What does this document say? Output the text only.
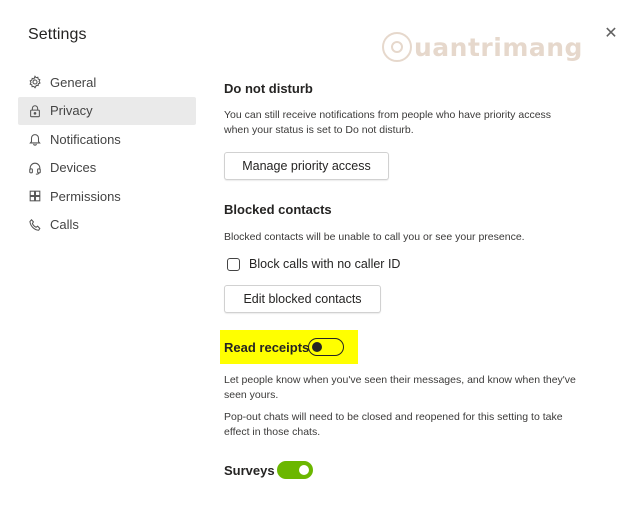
Settings	✕
uantrimang
General
Privacy
Notifications
Devices
Permissions
Calls
Do not disturb
You can still receive notifications from people who have priority access when your status is set to Do not disturb.
Manage priority access
Blocked contacts
Blocked contacts will be unable to call you or see your presence.
Block calls with no caller ID
Edit blocked contacts
Read receipts
Let people know when you've seen their messages, and know when they've seen yours.
Pop-out chats will need to be closed and reopened for this setting to take effect in those chats.
Surveys
